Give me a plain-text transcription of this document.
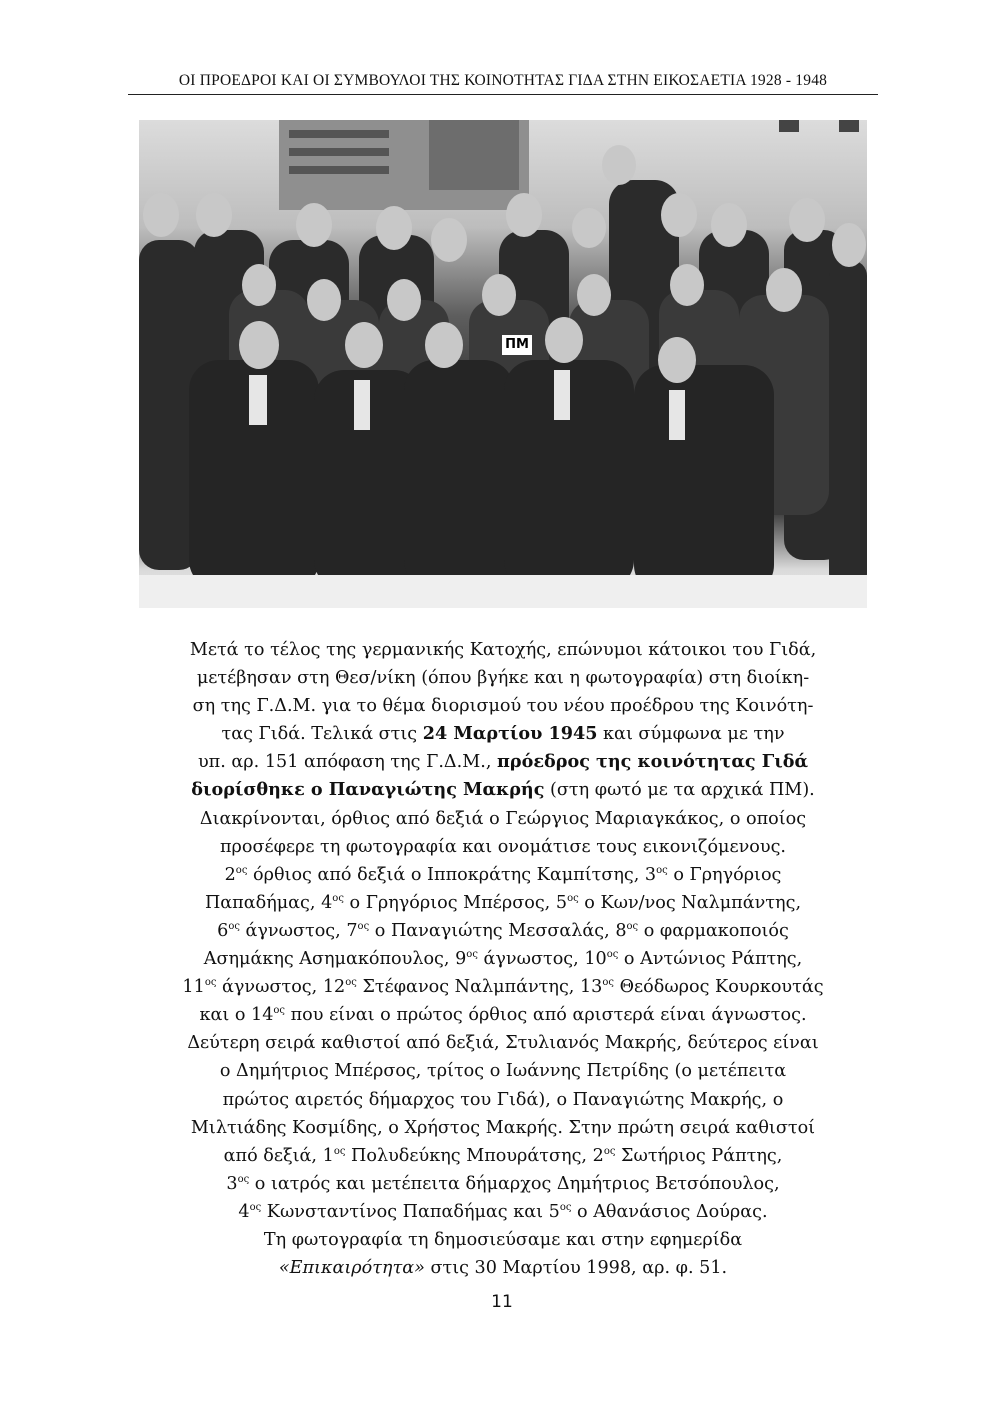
ΟΙ ΠΡΟΕΔΡΟΙ ΚΑΙ ΟΙ ΣΥΜΒΟΥΛΟΙ ΤΗΣ ΚΟΙΝΟΤΗΤΑΣ ΓΙΔΑ ΣΤΗΝ ΕΙΚΟΣΑΕΤΙΑ 1928 - 1948
ΠΜ

Μετά το τέλος της γερμανικής Κατοχής, επώνυμοι κάτοικοι του Γιδά,

μετέβησαν στη Θεσ/νίκη (όπου βγήκε και η φωτογραφία) στη διοίκη-

ση της Γ.Δ.Μ. για το θέμα διορισμού του νέου προέδρου της Κοινότη-

τας Γιδά. Τελικά στις 24 Μαρτίου 1945 και σύμφωνα με την

υπ. αρ. 151 απόφαση της Γ.Δ.Μ., πρόεδρος της κοινότητας Γιδά

διορίσθηκε ο Παναγιώτης Μακρής (στη φωτό με τα αρχικά ΠΜ).

Διακρίνονται, όρθιος από δεξιά ο Γεώργιος Μαριαγκάκος, ο οποίος

προσέφερε τη φωτογραφία και ονομάτισε τους εικονιζόμενους.

$2^{o\varsigma}$ όρθιος από δεξιά ο Ιπποκράτης Καμπίτσης, $3^{o\varsigma}$ ο Γρηγόριος

Παπαδήμας, $4^{o\varsigma}$ ο Γρηγόριος Μπέρσος, $5^{o\varsigma}$ ο Κων/νος Ναλμπάντης,

$6^{o\varsigma}$ άγνωστος, $7^{o\varsigma}$ ο Παναγιώτης Μεσσαλάς, $8^{o\varsigma}$ ο φαρμακοποιός

Ασημάκης Ασημακόπουλος, $9^{o\varsigma}$ άγνωστος, $10^{o\varsigma}$ ο Αντώνιος Ράπτης,

$11^{o\varsigma}$ άγνωστος, $12^{o\varsigma}$ Στέφανος Ναλμπάντης, $13^{o\varsigma}$ Θεόδωρος Κουρκουτάς

και ο $14^{o\varsigma}$ που είναι ο πρώτος όρθιος από αριστερά είναι άγνωστος.

Δεύτερη σειρά καθιστοί από δεξιά, Στυλιανός Μακρής, δεύτερος είναι

ο Δημήτριος Μπέρσος, τρίτος ο Ιωάννης Πετρίδης (ο μετέπειτα

πρώτος αιρετός δήμαρχος του Γιδά), ο Παναγιώτης Μακρής, ο

Μιλτιάδης Κοσμίδης, ο Χρήστος Μακρής. Στην πρώτη σειρά καθιστοί

από δεξιά, $1^{o\varsigma}$ Πολυδεύκης Μπουράτσης, $2^{o\varsigma}$ Σωτήριος Ράπτης,

$3^{o\varsigma}$ ο ιατρός και μετέπειτα δήμαρχος Δημήτριος Βετσόπουλος,

$4^{o\varsigma}$ Κωνσταντίνος Παπαδήμας και $5^{o\varsigma}$ ο Αθανάσιος Δούρας.

Τη φωτογραφία τη δημοσιεύσαμε και στην εφημερίδα

«Επικαιρότητα» στις 30 Μαρτίου 1998, αρ. φ. 51.

11
